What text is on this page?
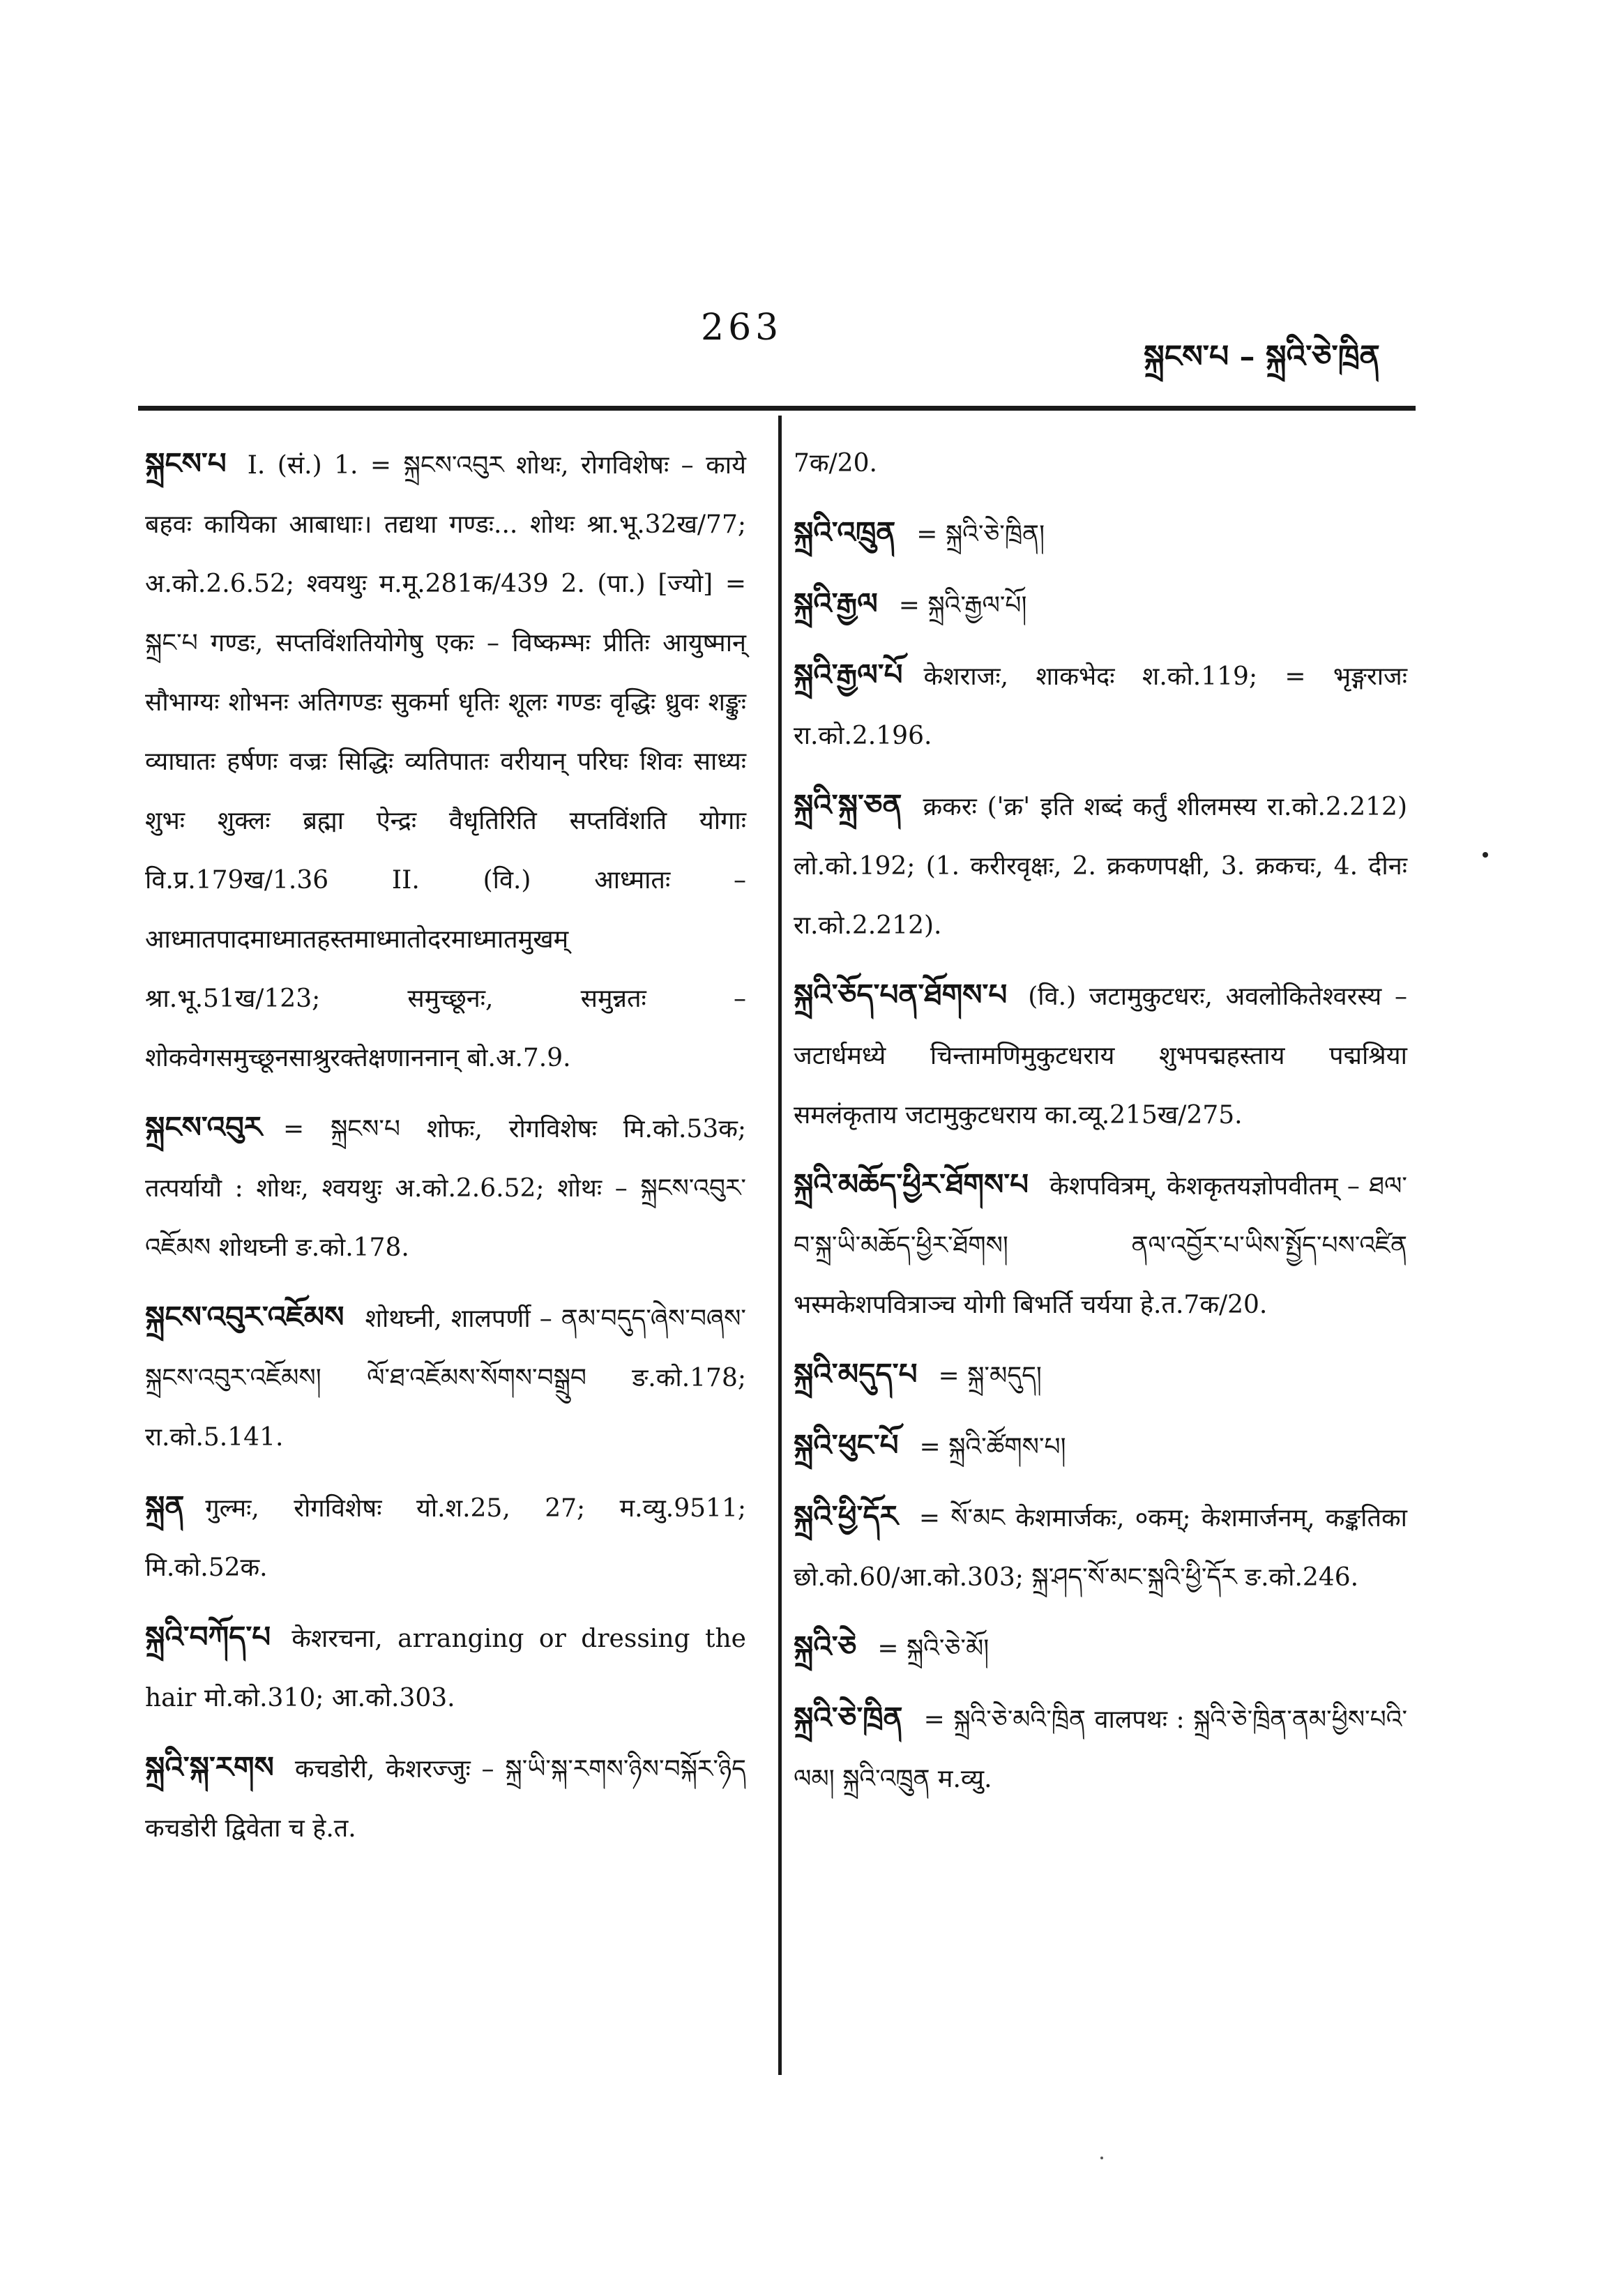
263
སྐྲངས་པ – སྐྲའི་ཅེ་ཁྲིན

སྐྲངས་པ I. (सं.) 1. = སྐྲངས་འབུར शोथः, रोगविशेषः – काये बहवः कायिका आबाधाः। तद्यथा गण्डः... शोथः श्रा.भू.32ख/77; अ.को.2.6.52; श्वयथुः म.मू.281क/439 2. (पा.) [ज्यो] = སྐྲང་པ गण्डः, सप्तविंशतियोगेषु एकः – विष्कम्भः प्रीतिः आयुष्मान् सौभाग्यः शोभनः अतिगण्डः सुकर्मा धृतिः शूलः गण्डः वृद्धिः ध्रुवः शङ्कुः व्याघातः हर्षणः वज्रः सिद्धिः व्यतिपातः वरीयान् परिघः शिवः साध्यः शुभः शुक्लः ब्रह्मा ऐन्द्रः वैधृतिरिति सप्तविंशति योगाः वि.प्र.179ख/1.36 II. (वि.) आध्मातः – आध्मातपादमाध्मातहस्तमाध्मातोदरमाध्मातमुखम् श्रा.भू.51ख/123; समुच्छूनः, समुन्नतः – शोकवेगसमुच्छूनसाश्रुरक्तेक्षणाननान् बो.अ.7.9.

སྐྲངས་འབུར = སྐྲངས་པ शोफः, रोगविशेषः मि.को.53क; तत्पर्यायौ : शोथः, श्वयथुः अ.को.2.6.52; शोथः – སྐྲངས་འབུར་འཇོམས शोथघ्नी ङ.को.178.

སྐྲངས་འབུར་འཇོམས शोथघ्नी, शालपर्णी – ནམ་བདུད་ཞེས་བཞས་སྐྲངས་འབུར་འཇོམས། ལོ་ཐ་འཇོམས་སོགས་བསྒྲུབ ङ.को.178; रा.को.5.141.

སྐྲན गुल्मः, रोगविशेषः यो.श.25, 27; म.व्यु.9511; मि.को.52क.

སྐྲའི་བཀོད་པ केशरचना, arranging or dressing the hair मो.को.310; आ.को.303.

སྐྲའི་སྐ་རགས कचडोरी, केशरज्जुः – སྐྲ་ཡི་སྐ་རགས་ཉིས་བསྐོར་ཉིད कचडोरी द्विवेता च हे.त.

7क/20.

སྐྲའི་འཁྲུན = སྐྲའི་ཅེ་ཁྲིན།

སྐྲའི་རྒྱལ = སྐྲའི་རྒྱལ་པོ།

སྐྲའི་རྒྱལ་པོ केशराजः, शाकभेदः श.को.119; = भृङ्गराजः रा.को.2.196.

སྐྲའི་སྐྲ་ཅན क्रकरः ('क्र' इति शब्दं कर्तुं शीलमस्य रा.को.2.212) लो.को.192; (1. करीरवृक्षः, 2. क्रकणपक्षी, 3. क्रकचः, 4. दीनः रा.को.2.212).

སྐྲའི་ཅོད་པན་ཐོགས་པ (वि.) जटामुकुटधरः, अवलोकितेश्वरस्य – जटार्धमध्ये चिन्तामणिमुकुटधराय शुभपद्महस्ताय पद्मश्रिया समलंकृताय जटामुकुटधराय का.व्यू.215ख/275.

སྐྲའི་མཆོད་ཕྱིར་ཐོགས་པ केशपवित्रम्, केशकृतयज्ञोपवीतम् – ཐལ་བ་སྐྲ་ཡི་མཆོད་ཕྱིར་ཐོགས། ནལ་འབྱོར་པ་ཡིས་སྤྱོད་པས་འཛིན भस्मकेशपवित्राञ्च योगी बिभर्ति चर्यया हे.त.7क/20.

སྐྲའི་མདུད་པ = སྐྲ་མདུད།

སྐྲའི་ཕུང་པོ = སྐྲའི་ཚོགས་པ།

སྐྲའི་ཕྱི་དོར = སོ་མང केशमार्जकः, ०कम्; केशमार्जनम्, कङ्कतिका छो.को.60/आ.को.303; སྐྲ་ཤད་སོ་མང་སྐྲའི་ཕྱི་དོར ङ.को.246.

སྐྲའི་ཅེ = སྐྲའི་ཅེ་མོ།

སྐྲའི་ཅེ་ཁྲིན = སྐྲའི་ཅེ་མའི་ཁྲིན वालपथः : སྐྲའི་ཅེ་ཁྲིན་ནམ་ཕྱིས་པའི་ལམ། སྐྲའི་འཁྲུན म.व्यु.
